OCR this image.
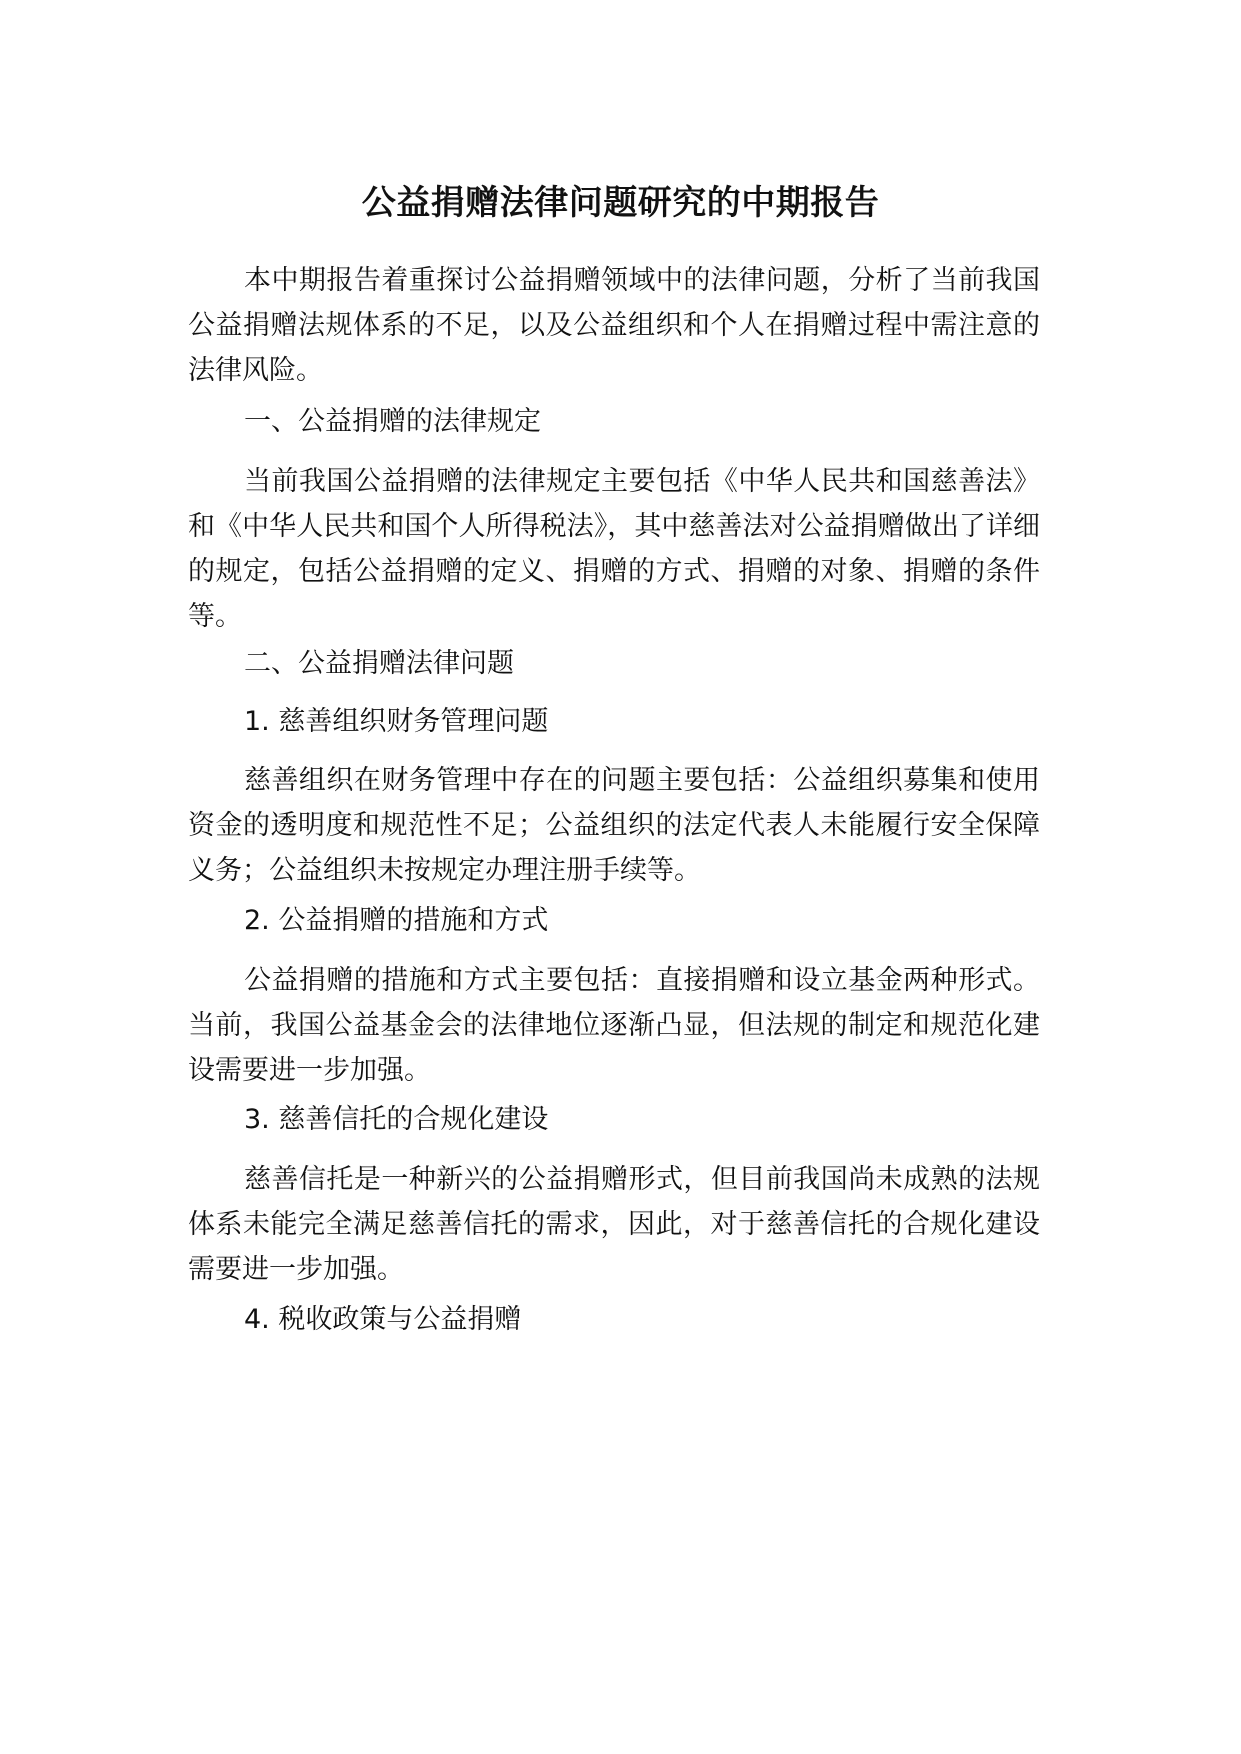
公益捐赠法律问题研究的中期报告

本中期报告着重探讨公益捐赠领域中的法律问题，分析了当前我国公益捐赠法规体系的不足，以及公益组织和个人在捐赠过程中需注意的法律风险。

一、公益捐赠的法律规定

当前我国公益捐赠的法律规定主要包括《中华人民共和国慈善法》和《中华人民共和国个人所得税法》，其中慈善法对公益捐赠做出了详细的规定，包括公益捐赠的定义、捐赠的方式、捐赠的对象、捐赠的条件等。

二、公益捐赠法律问题

1. 慈善组织财务管理问题

慈善组织在财务管理中存在的问题主要包括：公益组织募集和使用资金的透明度和规范性不足；公益组织的法定代表人未能履行安全保障义务；公益组织未按规定办理注册手续等。

2. 公益捐赠的措施和方式

公益捐赠的措施和方式主要包括：直接捐赠和设立基金两种形式。当前，我国公益基金会的法律地位逐渐凸显，但法规的制定和规范化建设需要进一步加强。

3. 慈善信托的合规化建设

慈善信托是一种新兴的公益捐赠形式，但目前我国尚未成熟的法规体系未能完全满足慈善信托的需求，因此，对于慈善信托的合规化建设需要进一步加强。

4. 税收政策与公益捐赠
